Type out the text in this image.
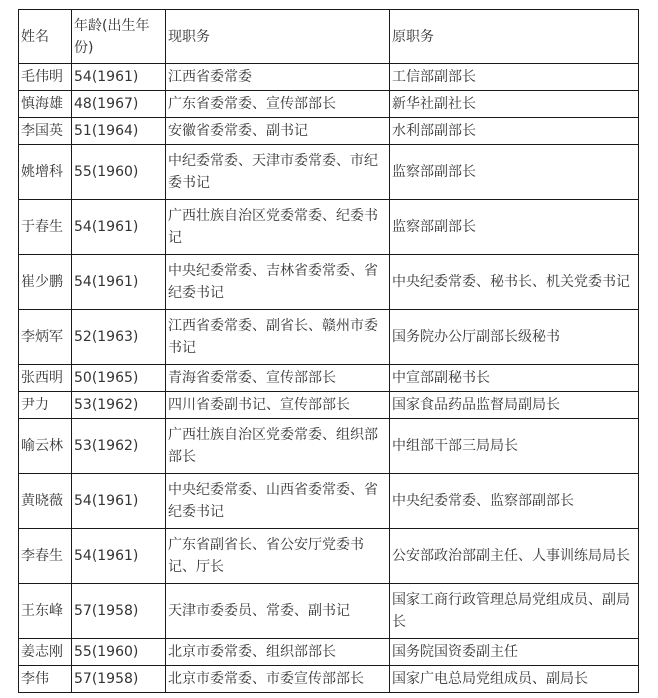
姓名	年龄(出生年份)	现职务	原职务
毛伟明	54(1961)	江西省委常委	工信部副部长
慎海雄	48(1967)	广东省委常委、宣传部部长	新华社副社长
李国英	51(1964)	安徽省委常委、副书记	水利部副部长
姚增科	55(1960)	中纪委常委、天津市委常委、市纪委书记	监察部副部长
于春生	54(1961)	广西壮族自治区党委常委、纪委书记	监察部副部长
崔少鹏	54(1961)	中央纪委常委、吉林省委常委、省纪委书记	中央纪委常委、秘书长、机关党委书记
李炳军	52(1963)	江西省委常委、副省长、赣州市委书记	国务院办公厅副部长级秘书
张西明	50(1965)	青海省委常委、宣传部部长	中宣部副秘书长
尹力	53(1962)	四川省委副书记、宣传部部长	国家食品药品监督局副局长
喻云林	53(1962)	广西壮族自治区党委常委、组织部部长	中组部干部三局局长
黄晓薇	54(1961)	中央纪委常委、山西省委常委、省纪委书记	中央纪委常委、监察部副部长
李春生	54(1961)	广东省副省长、省公安厅党委书记、厅长	公安部政治部副主任、人事训练局局长
王东峰	57(1958)	天津市委委员、常委、副书记	国家工商行政管理总局党组成员、副局长
姜志刚	55(1960)	北京市委常委、组织部部长	国务院国资委副主任
李伟	57(1958)	北京市委常委、市委宣传部部长	国家广电总局党组成员、副局长
